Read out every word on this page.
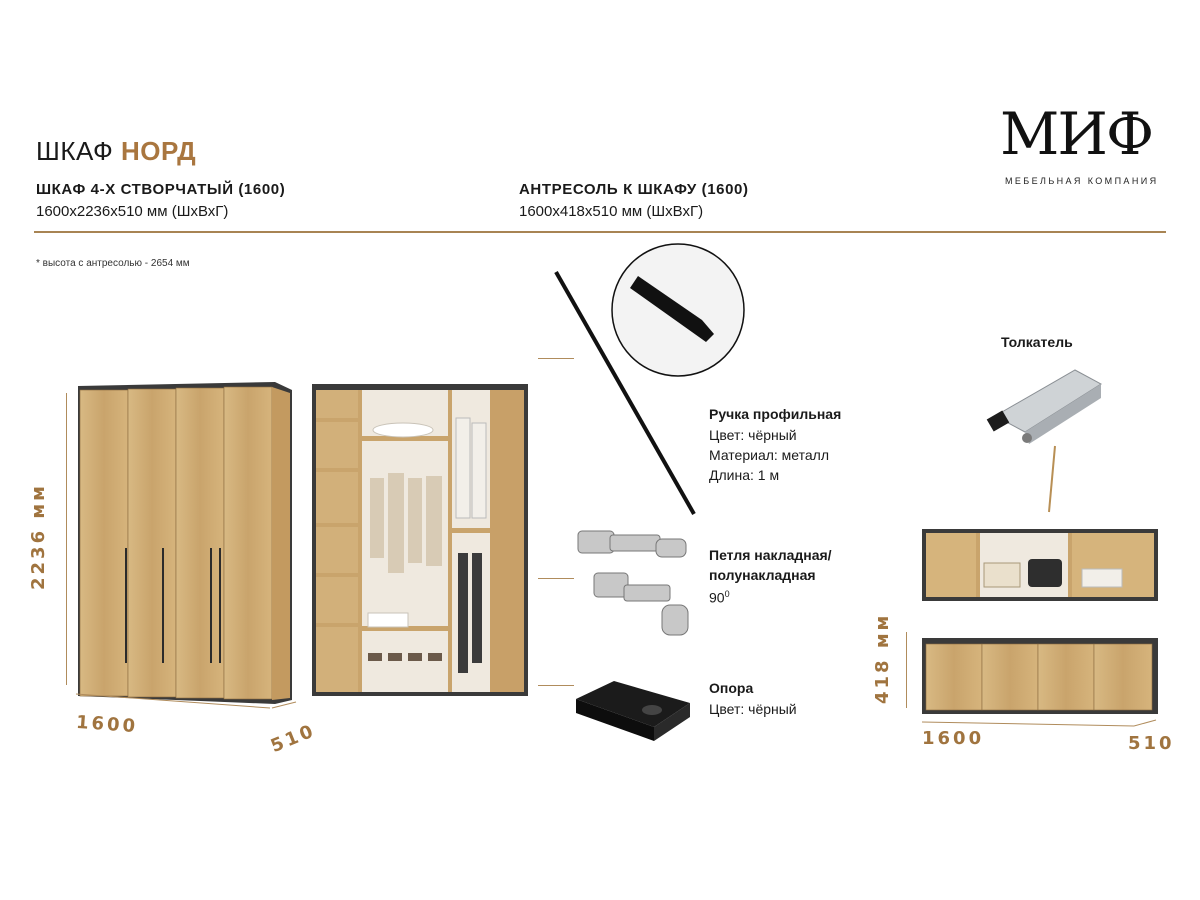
ШКАФ НОРД
ШКАФ 4-Х СТВОРЧАТЫЙ (1600)
1600х2236х510 мм (ШхВхГ)
АНТРЕСОЛЬ К ШКАФУ (1600)
1600х418х510 мм (ШхВхГ)
МИФ
МЕБЕЛЬНАЯ КОМПАНИЯ
* высота с антресолью - 2654 мм
2236 мм
1600	510
Ручка профильная
Цвет: чёрный
Материал: металл
Длина: 1 м
Петля накладная/
полунакладная
$90^0$
Опора
Цвет: чёрный
Толкатель
418 мм
1600	510
